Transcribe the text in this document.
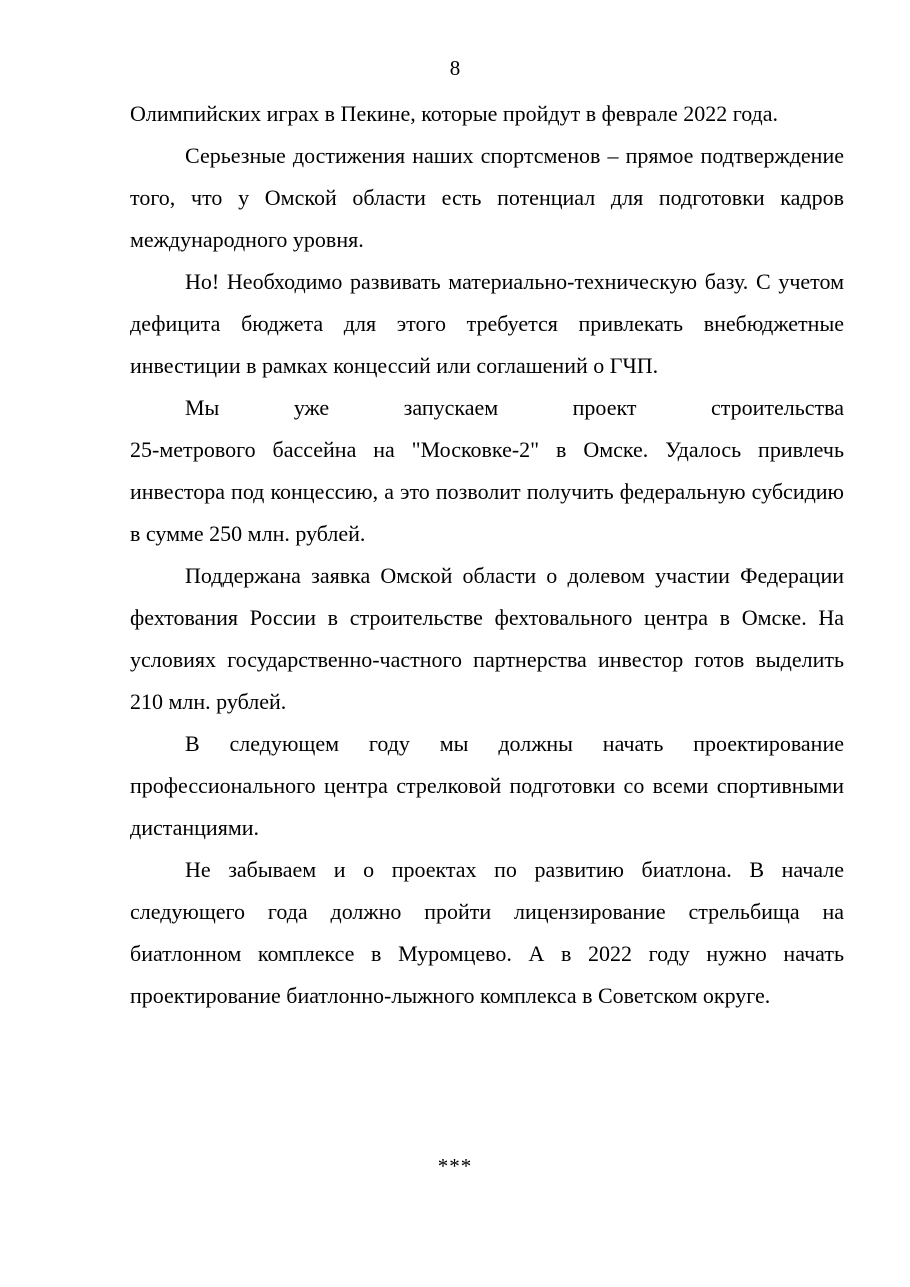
8

Олимпийских играх в Пекине, которые пройдут в феврале 2022 года.

Серьезные достижения наших спортсменов – прямое подтверждение того, что у Омской области есть потенциал для подготовки кадров международного уровня.

Но! Необходимо развивать материально-техническую базу. С учетом дефицита бюджета для этого требуется привлекать внебюджетные инвестиции в рамках концессий или соглашений о ГЧП.

Мы уже запускаем проект строительства

25-метрового бассейна на "Московке-2" в Омске. Удалось привлечь инвестора под концессию, а это позволит получить федеральную субсидию в сумме 250 млн. рублей.

Поддержана заявка Омской области о долевом участии Федерации фехтования России в строительстве фехтовального центра в Омске. На условиях государственно-частного партнерства инвестор готов выделить 210 млн. рублей.

В следующем году мы должны начать проектирование профессионального центра стрелковой подготовки со всеми спортивными дистанциями.

Не забываем и о проектах по развитию биатлона. В начале следующего года должно пройти лицензирование стрельбища на биатлонном комплексе в Муромцево. А в 2022 году нужно начать проектирование биатлонно-лыжного комплекса в Советском округе.

***
